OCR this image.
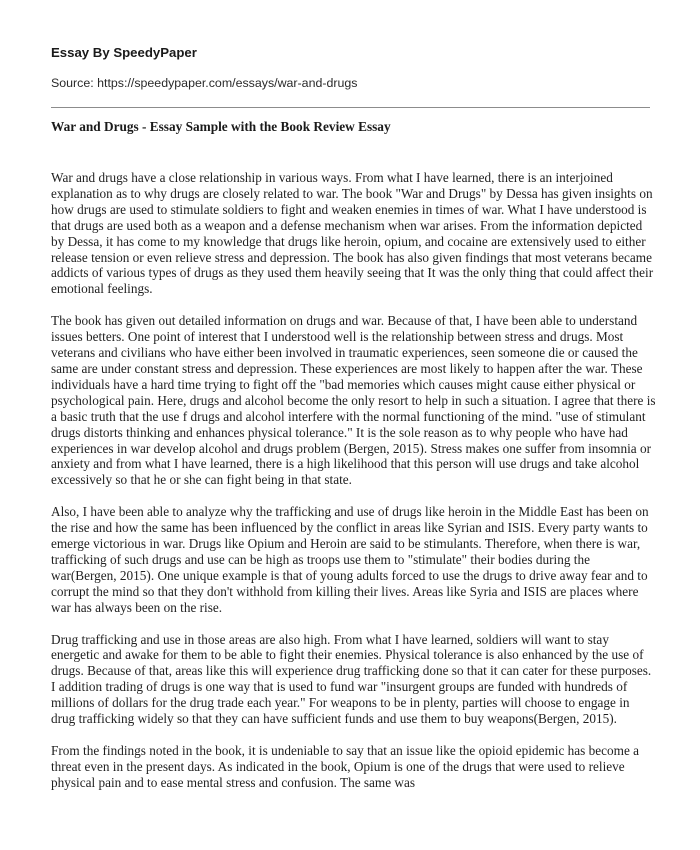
Essay By SpeedyPaper
Source: https://speedypaper.com/essays/war-and-drugs
War and Drugs - Essay Sample with the Book Review Essay

War and drugs have a close relationship in various ways. From what I have learned, there is an interjoined explanation as to why drugs are closely related to war. The book "War and Drugs" by Dessa has given insights on how drugs are used to stimulate soldiers to fight and weaken enemies in times of war. What I have understood is that drugs are used both as a weapon and a defense mechanism when war arises. From the information depicted by Dessa, it has come to my knowledge that drugs like heroin, opium, and cocaine are extensively used to either release tension or even relieve stress and depression. The book has also given findings that most veterans became addicts of various types of drugs as they used them heavily seeing that It was the only thing that could affect their emotional feelings.

The book has given out detailed information on drugs and war. Because of that, I have been able to understand issues betters. One point of interest that I understood well is the relationship between stress and drugs. Most veterans and civilians who have either been involved in traumatic experiences, seen someone die or caused the same are under constant stress and depression. These experiences are most likely to happen after the war. These individuals have a hard time trying to fight off the "bad memories which causes might cause either physical or psychological pain. Here, drugs and alcohol become the only resort to help in such a situation. I agree that there is a basic truth that the use f drugs and alcohol interfere with the normal functioning of the mind. "use of stimulant drugs distorts thinking and enhances physical tolerance." It is the sole reason as to why people who have had experiences in war develop alcohol and drugs problem (Bergen, 2015). Stress makes one suffer from insomnia or anxiety and from what I have learned, there is a high likelihood that this person will use drugs and take alcohol excessively so that he or she can fight being in that state.

Also, I have been able to analyze why the trafficking and use of drugs like heroin in the Middle East has been on the rise and how the same has been influenced by the conflict in areas like Syrian and ISIS. Every party wants to emerge victorious in war. Drugs like Opium and Heroin are said to be stimulants. Therefore, when there is war, trafficking of such drugs and use can be high as troops use them to "stimulate" their bodies during the war(Bergen, 2015). One unique example is that of young adults forced to use the drugs to drive away fear and to corrupt the mind so that they don't withhold from killing their lives. Areas like Syria and ISIS are places where war has always been on the rise.

Drug trafficking and use in those areas are also high. From what I have learned, soldiers will want to stay energetic and awake for them to be able to fight their enemies. Physical tolerance is also enhanced by the use of drugs. Because of that, areas like this will experience drug trafficking done so that it can cater for these purposes. I addition trading of drugs is one way that is used to fund war "insurgent groups are funded with hundreds of millions of dollars for the drug trade each year." For weapons to be in plenty, parties will choose to engage in drug trafficking widely so that they can have sufficient funds and use them to buy weapons(Bergen, 2015).

From the findings noted in the book, it is undeniable to say that an issue like the opioid epidemic has become a threat even in the present days. As indicated in the book, Opium is one of the drugs that were used to relieve physical pain and to ease mental stress and confusion. The same was
